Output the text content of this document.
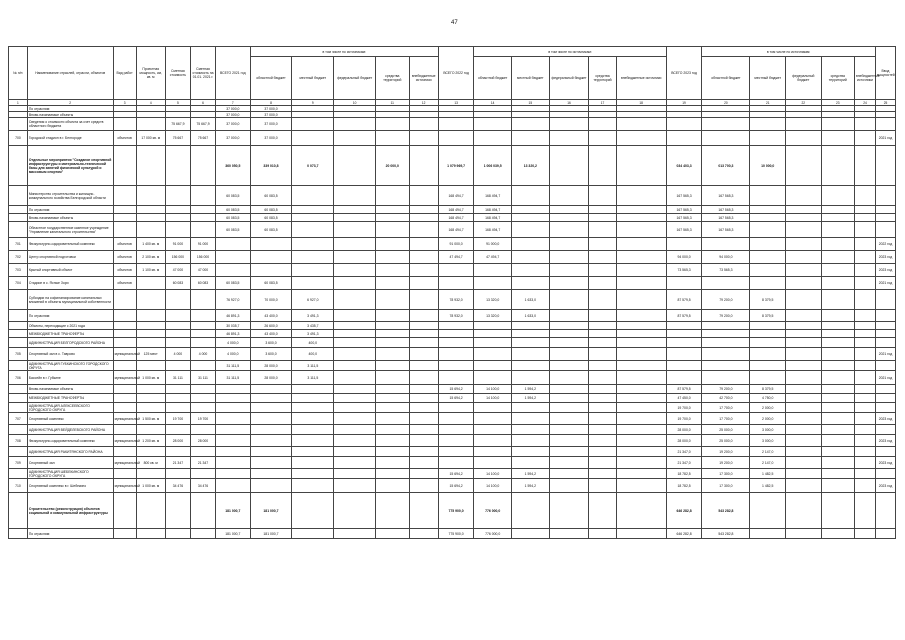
47
№ п/п	Наименование отраслей, отрасли, объектов	Вид работ	Проектная мощность, км, кв. м	Сметная стоимость	Сметная стоимость на 01.01. 2021 г.	ВСЕГО 2021 год	в том числе по источникам:					ВСЕГО 2022 год	в том числе по источникам:					ВСЕГО 2023 год	в том числе по источникам:					Ввод мощностей
							областной бюджет	местный бюджет	федеральный бюджет	средства территорий	внебюджетные источники		областной бюджет	местный бюджет	федеральный бюджет	средства территорий	внебюджетные источники		областной бюджет	местный бюджет	федеральный бюджет	средства территорий	внебюджетные источники	
1	2	3	4	5	6	7	8	9	10	11	12	13	14	15	16	17	18	19	20	21	22	23	24	25
	По отраслям:					37 000,0	37 000,0																	
	Вновь начинаемые объекты					37 000,0	37 000,0																	
	Сведения о стоимости объекта за счет средств областного бюджета			75 667,9	75 667,9	37 000,0	37 000,0																	
700	Городской стадион в г. Белгороде	объектов	17 000 кв. м	75 667	75 667	37 000,0	37 000,0																	2021 год
	Отдельные мероприятия "Создание спортивной инфраструктуры и материально-технической базы для занятий физической культурой и массовым спортом"					360 050,5	339 010,8	0 073,7		20 000,0		1 079 969,7	1 006 039,5	13 320,2				034 403,3	013 700,3	10 000,0				
	Министерство строительства и жилищно-коммунального хозяйства Белгородской области					60 083,5	60 083,5					168 494,7	168 494,7					167 565,3	167 565,3					
	По отраслям:					60 083,5	60 083,5					168 494,7	168 494,7					167 565,3	167 565,3					
	Вновь начинаемые объекты					60 083,5	60 083,5					168 494,7	168 494,7					167 565,3	167 565,3					
	Областное государственное казенное учреждение "Управление капитального строительства"					60 083,5	60 083,5					168 494,7	168 494,7					167 565,3	167 565,3					
701	Физкультурно-оздоровительный комплекс	объектов	1 400 кв. м	91 000	91 000							91 000,0	91 000,0											2022 год
702	Центр спортивной подготовки	объектов	2 100 кв. м	156 000	156 000							47 494,7	47 494,7					94 000,0	94 000,0					2023 год
703	Крытый спортивный объект	объектов	1 100 кв. м	47 000	47 000													73 565,3	73 565,3					2023 год
704	Стадион в с. Ясные Зори	объектов		60 083	60 083	60 083,5	60 083,5																	2021 год
	Субсидии на софинансирование капитальных вложений в объекты муниципальной собственности					76 927,0	70 000,0	6 927,0				78 932,0	13 320,0	1 633,0				87 579,5	79 200,0	8 379,5				
	По отраслям:					46 891,3	43 400,0	3 491,3				78 932,0	13 320,0	1 633,0				87 579,5	79 200,0	8 379,5				
	Объекты, переходящие с 2021 года					30 035,7	26 600,0	3 435,7																
	МЕЖБЮДЖЕТНЫЕ ТРАНСФЕРТЫ					46 891,3	43 400,0	3 491,3																
	АДМИНИСТРАЦИЯ БЕЛГОРОДСКОГО РАЙОНА					4 000,0	3 600,0	400,0																
705	Спортивный зал в с. Таврово	муниципальный	125 мест	4 000	4 000	4 000,0	3 600,0	400,0																2021 год
	АДМИНИСТРАЦИЯ ГУБКИНСКОГО ГОРОДСКОГО ОКРУГА					31 111,5	28 000,0	3 111,5																
706	Бассейн в г. Губкине	муниципальный	1 000 кв. м	31 111	31 111	31 111,5	28 000,0	3 111,5																2021 год
	Вновь начинаемые объекты											15 694,2	14 100,0	1 594,2				87 579,5	79 200,0	8 379,5				
	МЕЖБЮДЖЕТНЫЕ ТРАНСФЕРТЫ											15 694,2	14 100,0	1 594,2				47 450,0	42 700,0	4 750,0				
	АДМИНИСТРАЦИЯ АЛЕКСЕЕВСКОГО ГОРОДСКОГО ОКРУГА																	19 700,0	17 700,0	2 000,0				
707	Спортивный комплекс	муниципальный	1 500 кв. м	19 700	19 700													19 700,0	17 700,0	2 000,0				2023 год
	АДМИНИСТРАЦИЯ ВЕЙДЕЛЕВСКОГО РАЙОНА																	28 000,0	25 000,0	3 000,0				
708	Физкультурно-оздоровительный комплекс	муниципальный	1 200 кв. м	28 000	28 000													28 000,0	25 000,0	3 000,0				2023 год
	АДМИНИСТРАЦИЯ РАКИТЯНСКОГО РАЙОНА																	21 347,0	19 200,0	2 147,0				
709	Спортивный зал	муниципальный	800 кв. м	21 347	21 347													21 347,0	19 200,0	2 147,0				2023 год
	АДМИНИСТРАЦИЯ ШЕБЕКИНСКОГО ГОРОДСКОГО ОКРУГА											15 694,2	14 100,0	1 594,2				18 782,5	17 300,0	1 482,5				
710	Спортивный комплекс в г. Шебекино	муниципальный	1 000 кв. м	34 476	34 476							15 694,2	14 100,0	1 594,2				18 782,5	17 300,0	1 482,5				2023 год
	Строительство (реконструкция) объектов социальной и коммунальной инфраструктуры					181 000,7	181 000,7					775 900,0	776 000,0					646 282,8	543 282,8					
	По отраслям:					181 000,7	181 000,7					775 900,0	776 000,0					646 282,8	543 282,8					
